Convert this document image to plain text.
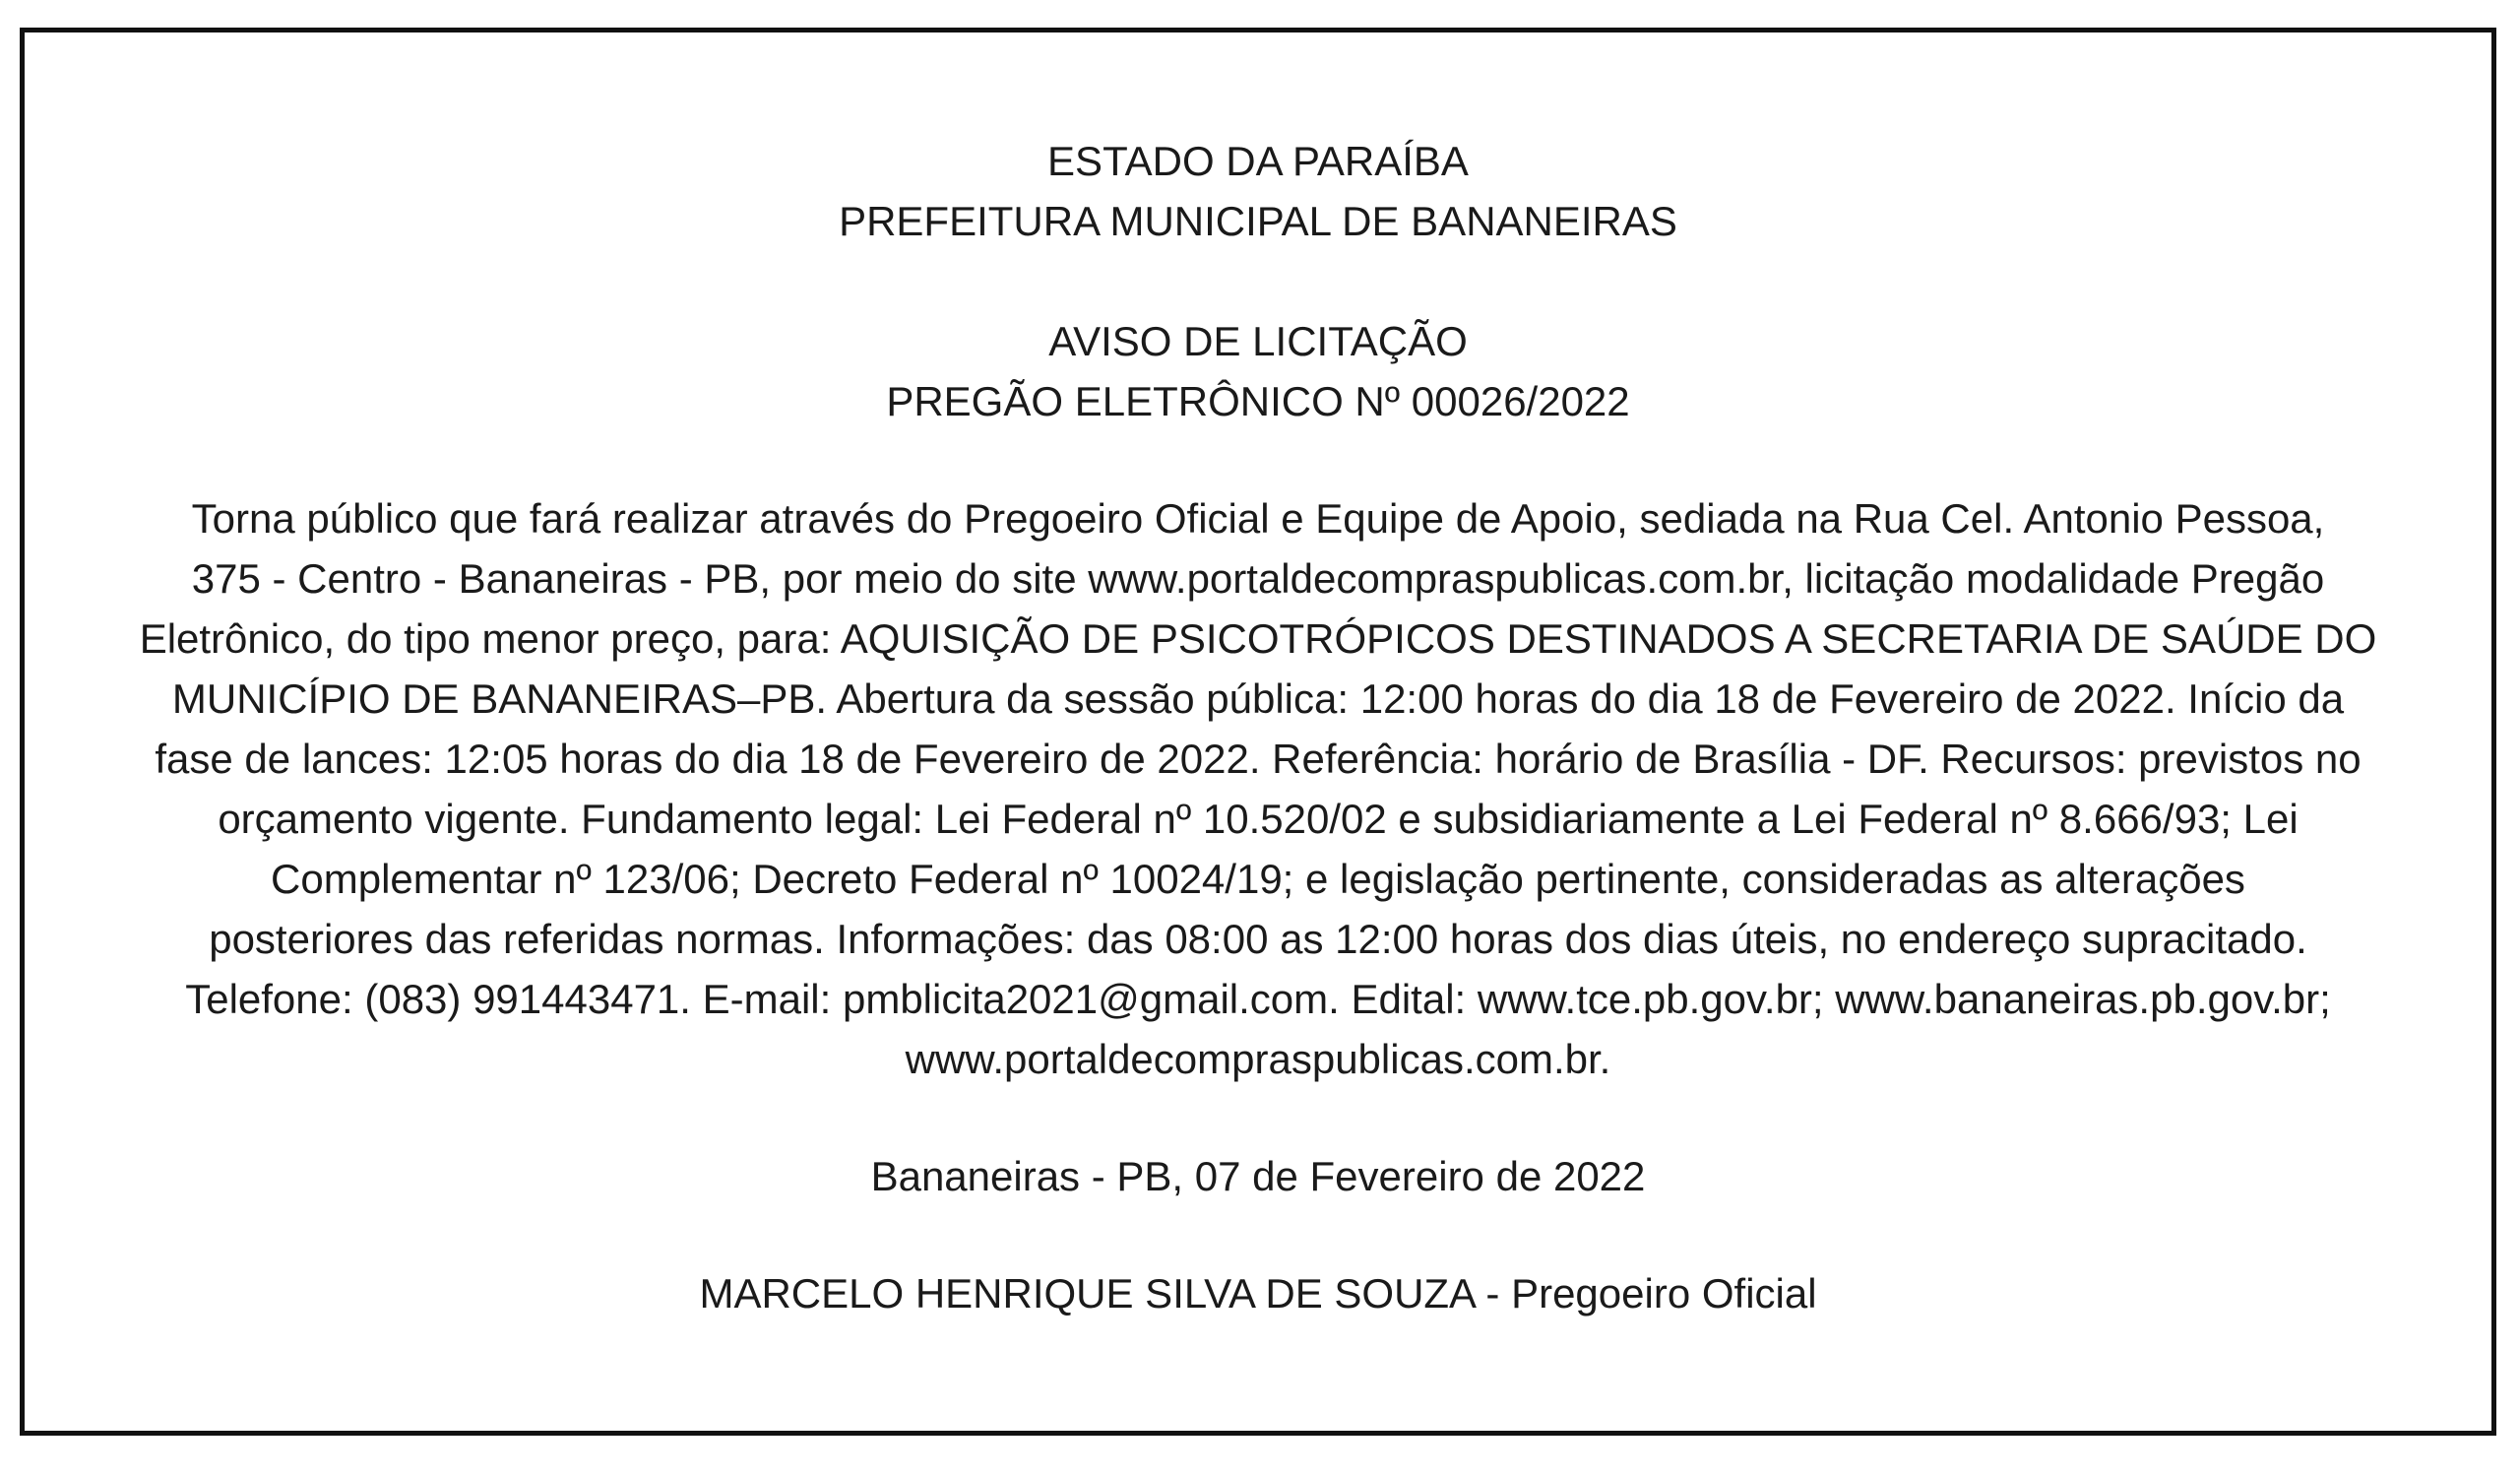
ESTADO DA PARAÍBA
PREFEITURA MUNICIPAL DE BANANEIRAS
AVISO DE LICITAÇÃO
PREGÃO ELETRÔNICO Nº 00026/2022
Torna público que fará realizar através do Pregoeiro Oficial e Equipe de Apoio, sediada na Rua Cel. Antonio Pessoa,
375 - Centro - Bananeiras - PB, por meio do site www.portaldecompraspublicas.com.br, licitação modalidade Pregão
Eletrônico, do tipo menor preço, para: AQUISIÇÃO DE PSICOTRÓPICOS DESTINADOS A SECRETARIA DE SAÚDE DO
MUNICÍPIO DE BANANEIRAS–PB. Abertura da sessão pública: 12:00 horas do dia 18 de Fevereiro de 2022. Início da
fase de lances: 12:05 horas do dia 18 de Fevereiro de 2022. Referência: horário de Brasília - DF. Recursos: previstos no
orçamento vigente. Fundamento legal: Lei Federal nº 10.520/02 e subsidiariamente a Lei Federal nº 8.666/93; Lei
Complementar nº 123/06; Decreto Federal nº 10024/19; e legislação pertinente, consideradas as alterações
posteriores das referidas normas. Informações: das 08:00 as 12:00 horas dos dias úteis, no endereço supracitado.
Telefone: (083) 991443471. E-mail: pmblicita2021@gmail.com. Edital: www.tce.pb.gov.br; www.bananeiras.pb.gov.br;
www.portaldecompraspublicas.com.br.
Bananeiras - PB, 07 de Fevereiro de 2022
MARCELO HENRIQUE SILVA DE SOUZA - Pregoeiro Oficial
